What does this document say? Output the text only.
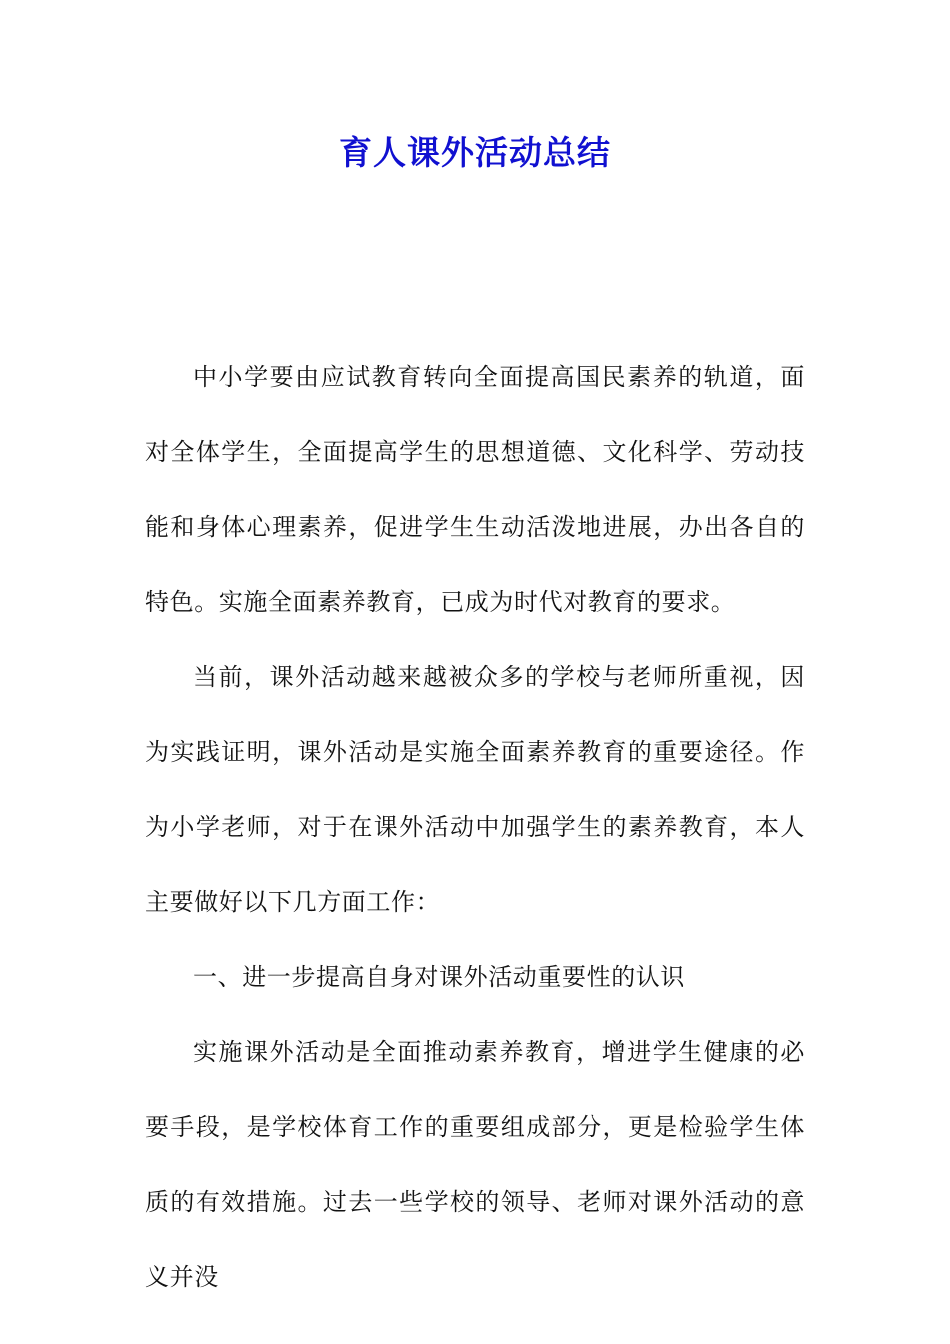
育人课外活动总结

中小学要由应试教育转向全面提高国民素养的轨道，面对全体学生，全面提高学生的思想道德、文化科学、劳动技能和身体心理素养，促进学生生动活泼地进展，办出各自的特色。实施全面素养教育，已成为时代对教育的要求。

当前，课外活动越来越被众多的学校与老师所重视，因为实践证明，课外活动是实施全面素养教育的重要途径。作为小学老师，对于在课外活动中加强学生的素养教育，本人主要做好以下几方面工作：

一、进一步提高自身对课外活动重要性的认识

实施课外活动是全面推动素养教育，增进学生健康的必要手段，是学校体育工作的重要组成部分，更是检验学生体质的有效措施。过去一些学校的领导、老师对课外活动的意义并没
